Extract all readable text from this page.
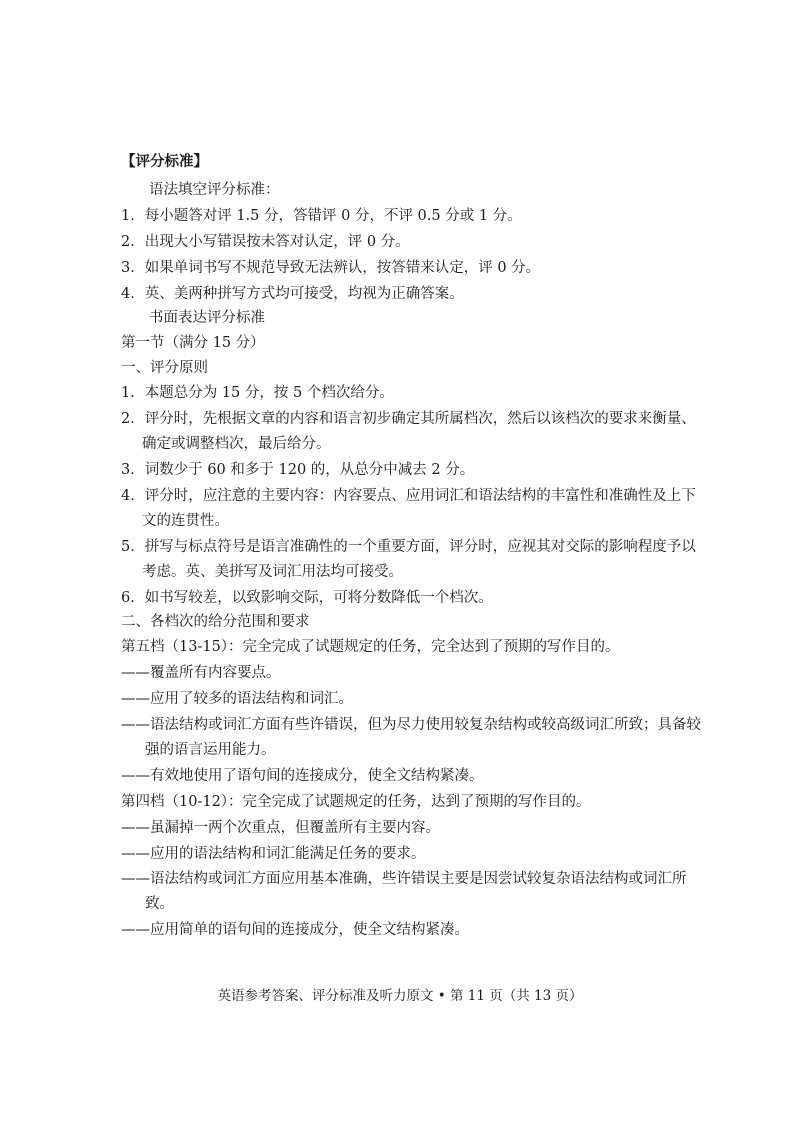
【评分标准】
语法填空评分标准：
1．每小题答对评 1.5 分，答错评 0 分，不评 0.5 分或 1 分。
2．出现大小写错误按未答对认定，评 0 分。
3．如果单词书写不规范导致无法辨认，按答错来认定，评 0 分。
4．英、美两种拼写方式均可接受，均视为正确答案。
书面表达评分标准
第一节（满分 15 分）
一、评分原则
1．本题总分为 15 分，按 5 个档次给分。
2．评分时，先根据文章的内容和语言初步确定其所属档次，然后以该档次的要求来衡量、
确定或调整档次，最后给分。
3．词数少于 60 和多于 120 的，从总分中减去 2 分。
4．评分时，应注意的主要内容：内容要点、应用词汇和语法结构的丰富性和准确性及上下
文的连贯性。
5．拼写与标点符号是语言准确性的一个重要方面，评分时，应视其对交际的影响程度予以
考虑。英、美拼写及词汇用法均可接受。
6．如书写较差，以致影响交际，可将分数降低一个档次。
二、各档次的给分范围和要求
第五档（13-15）：完全完成了试题规定的任务，完全达到了预期的写作目的。
——覆盖所有内容要点。
——应用了较多的语法结构和词汇。
——语法结构或词汇方面有些许错误，但为尽力使用较复杂结构或较高级词汇所致；具备较
强的语言运用能力。
——有效地使用了语句间的连接成分，使全文结构紧凑。
第四档（10-12）：完全完成了试题规定的任务，达到了预期的写作目的。
——虽漏掉一两个次重点，但覆盖所有主要内容。
——应用的语法结构和词汇能满足任务的要求。
——语法结构或词汇方面应用基本准确，些许错误主要是因尝试较复杂语法结构或词汇所
致。
——应用简单的语句间的连接成分，使全文结构紧凑。
英语参考答案、评分标准及听力原文 • 第 11 页（共 13 页）
